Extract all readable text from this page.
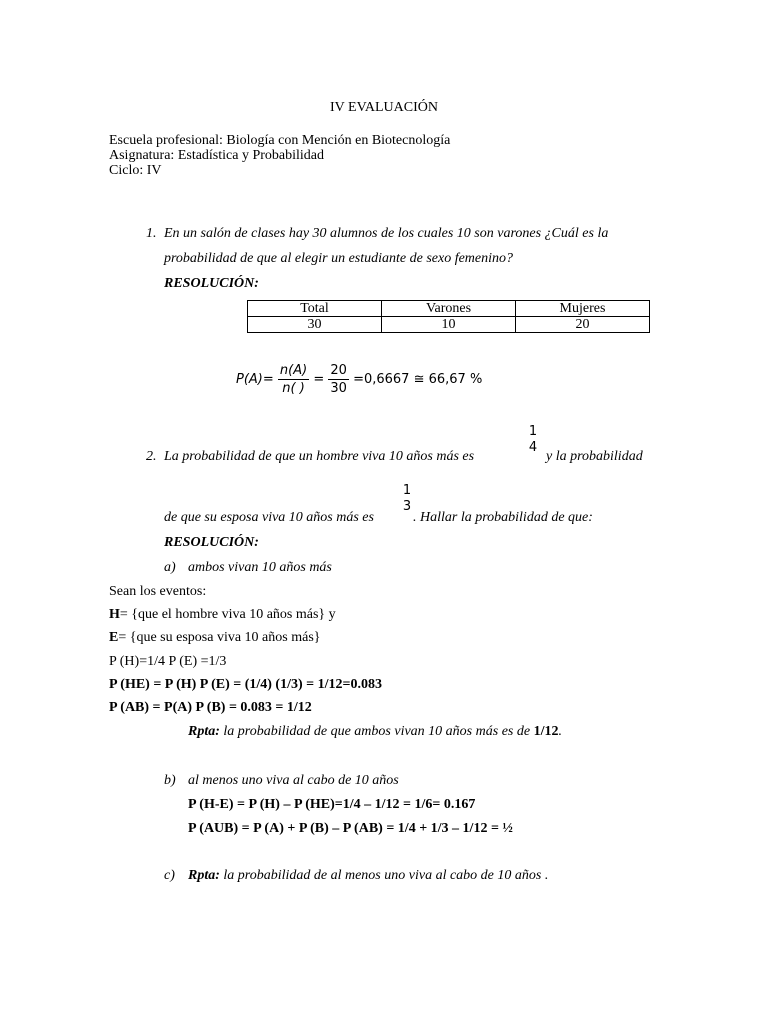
IV EVALUACIÓN
Escuela profesional: Biología con Mención en Biotecnología
Asignatura: Estadística y Probabilidad
Ciclo: IV
1. En un salón de clases hay 30 alumnos de los cuales 10 son varones ¿Cuál es la
probabilidad de que al elegir un estudiante de sexo femenino?
RESOLUCIÓN:
Total	Varones	Mujeres
30	10	20
$P(A)= \frac{n(A)}{n( )} = \frac{20}{30} =0,6667$ ≅ 66,67 %
1
4
2. La probabilidad de que un hombre viva 10 años más es	y la probabilidad
1
3
de que su esposa viva 10 años más es	. Hallar la probabilidad de que:
RESOLUCIÓN:
a) ambos vivan 10 años más
Sean los eventos:
H= {que el hombre viva 10 años más} y
E= {que su esposa viva 10 años más}
P (H)=1/4 P (E) =1/3
P (HE) = P (H) P (E) = (1/4) (1/3) = 1/12=0.083
P (AB) = P(A) P (B) = 0.083 = 1/12
Rpta: la probabilidad de que ambos vivan 10 años más es de 1/12.
b) al menos uno viva al cabo de 10 años
P (H-E) = P (H) – P (HE)=1/4 – 1/12 = 1/6= 0.167
P (AUB) = P (A) + P (B) – P (AB) = 1/4 + 1/3 – 1/12 = ½
c) Rpta: la probabilidad de al menos uno viva al cabo de 10 años .
